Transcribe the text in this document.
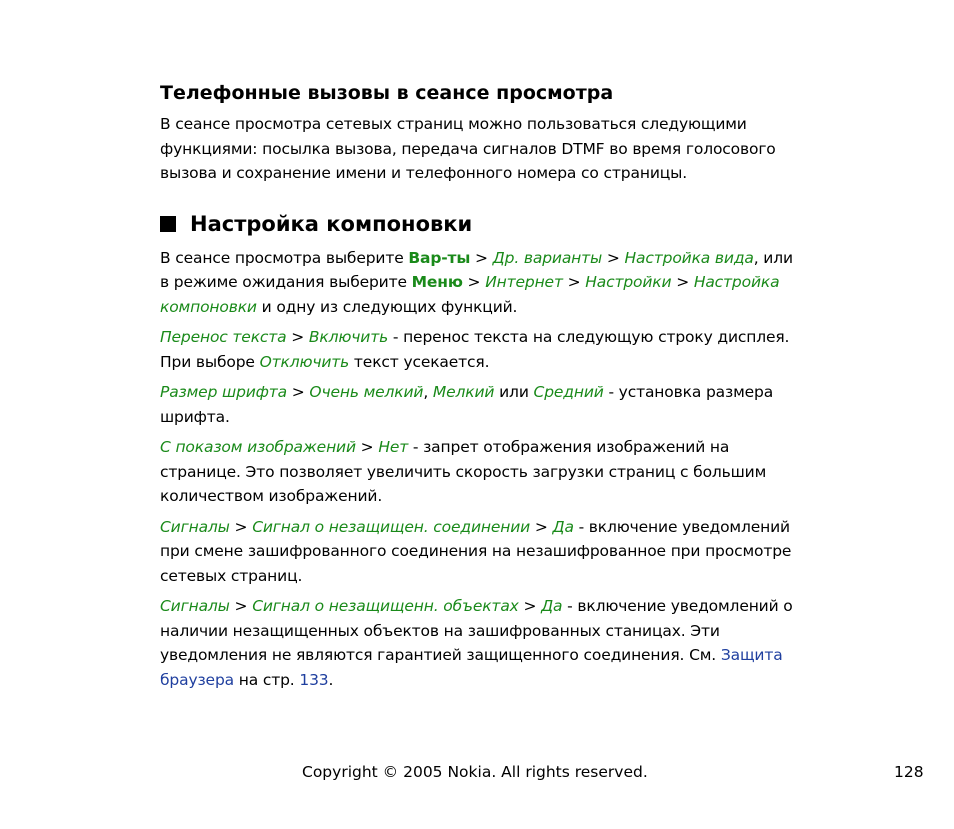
Телефонные вызовы в сеансе просмотра

В сеансе просмотра сетевых страниц можно пользоваться следующими функциями: посылка вызова, передача сигналов DTMF во время голосового вызова и сохранение имени и телефонного номера со страницы.

Настройка компоновки

В сеансе просмотра выберите Вар-ты > Др. варианты > Настройка вида, или в режиме ожидания выберите Меню > Интернет > Настройки > Настройка компоновки и одну из следующих функций.

Перенос текста > Включить - перенос текста на следующую строку дисплея. При выборе Отключить текст усекается.

Размер шрифта > Очень мелкий, Мелкий или Средний - установка размера шрифта.

С показом изображений > Нет - запрет отображения изображений на странице. Это позволяет увеличить скорость загрузки страниц с большим количеством изображений.

Сигналы > Сигнал о незащищен. соединении > Да - включение уведомлений при смене зашифрованного соединения на незашифрованное при просмотре сетевых страниц.

Сигналы > Сигнал о незащищенн. объектах > Да - включение уведомлений о наличии незащищенных объектов на зашифрованных станицах. Эти уведомления не являются гарантией защищенного соединения. См. Защита браузера на стр. 133.

Copyright © 2005 Nokia. All rights reserved.	128
